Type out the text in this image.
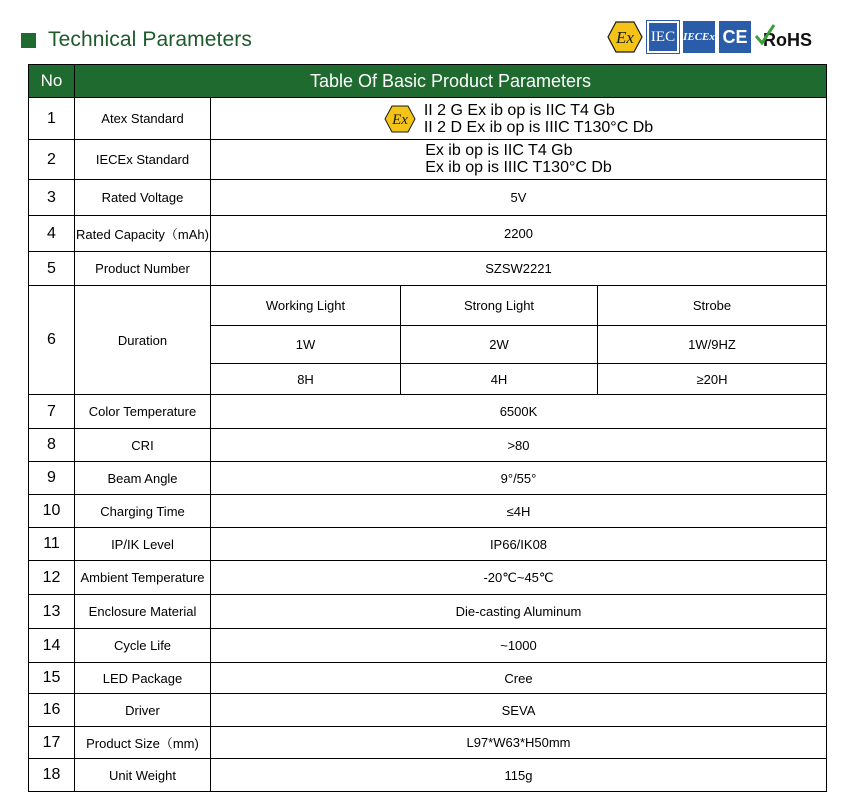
Technical Parameters	Ex IEC IECEx CE RoHS
No	Table Of Basic Product Parameters			
1	Atex Standard	Ex
II 2 G Ex ib op is IIC T4 Gb
II 2 D Ex ib op is IIIC T130°C Db		

2	IECEx Standard	Ex ib op is IIC T4 Gb
Ex ib op is IIIC T130°C Db		

3	Rated Voltage	5V		
4	Rated Capacity（mAh)	2200		
5	Product Number	SZSW2221		
6	Duration	Working Light	Strong Light	Strobe
		1W	2W	1W/9HZ
		8H	4H	≥20H
7	Color Temperature	6500K		
8	CRI	>80		
9	Beam Angle	9°/55°		
10	Charging Time	≤4H		
11	IP/IK Level	IP66/IK08		
12	Ambient Temperature	-20℃~45℃		
13	Enclosure Material	Die-casting Aluminum		
14	Cycle Life	~1000		
15	LED Package	Cree		
16	Driver	SEVA		
17	Product Size（mm)	L97*W63*H50mm		
18	Unit Weight	115g		
